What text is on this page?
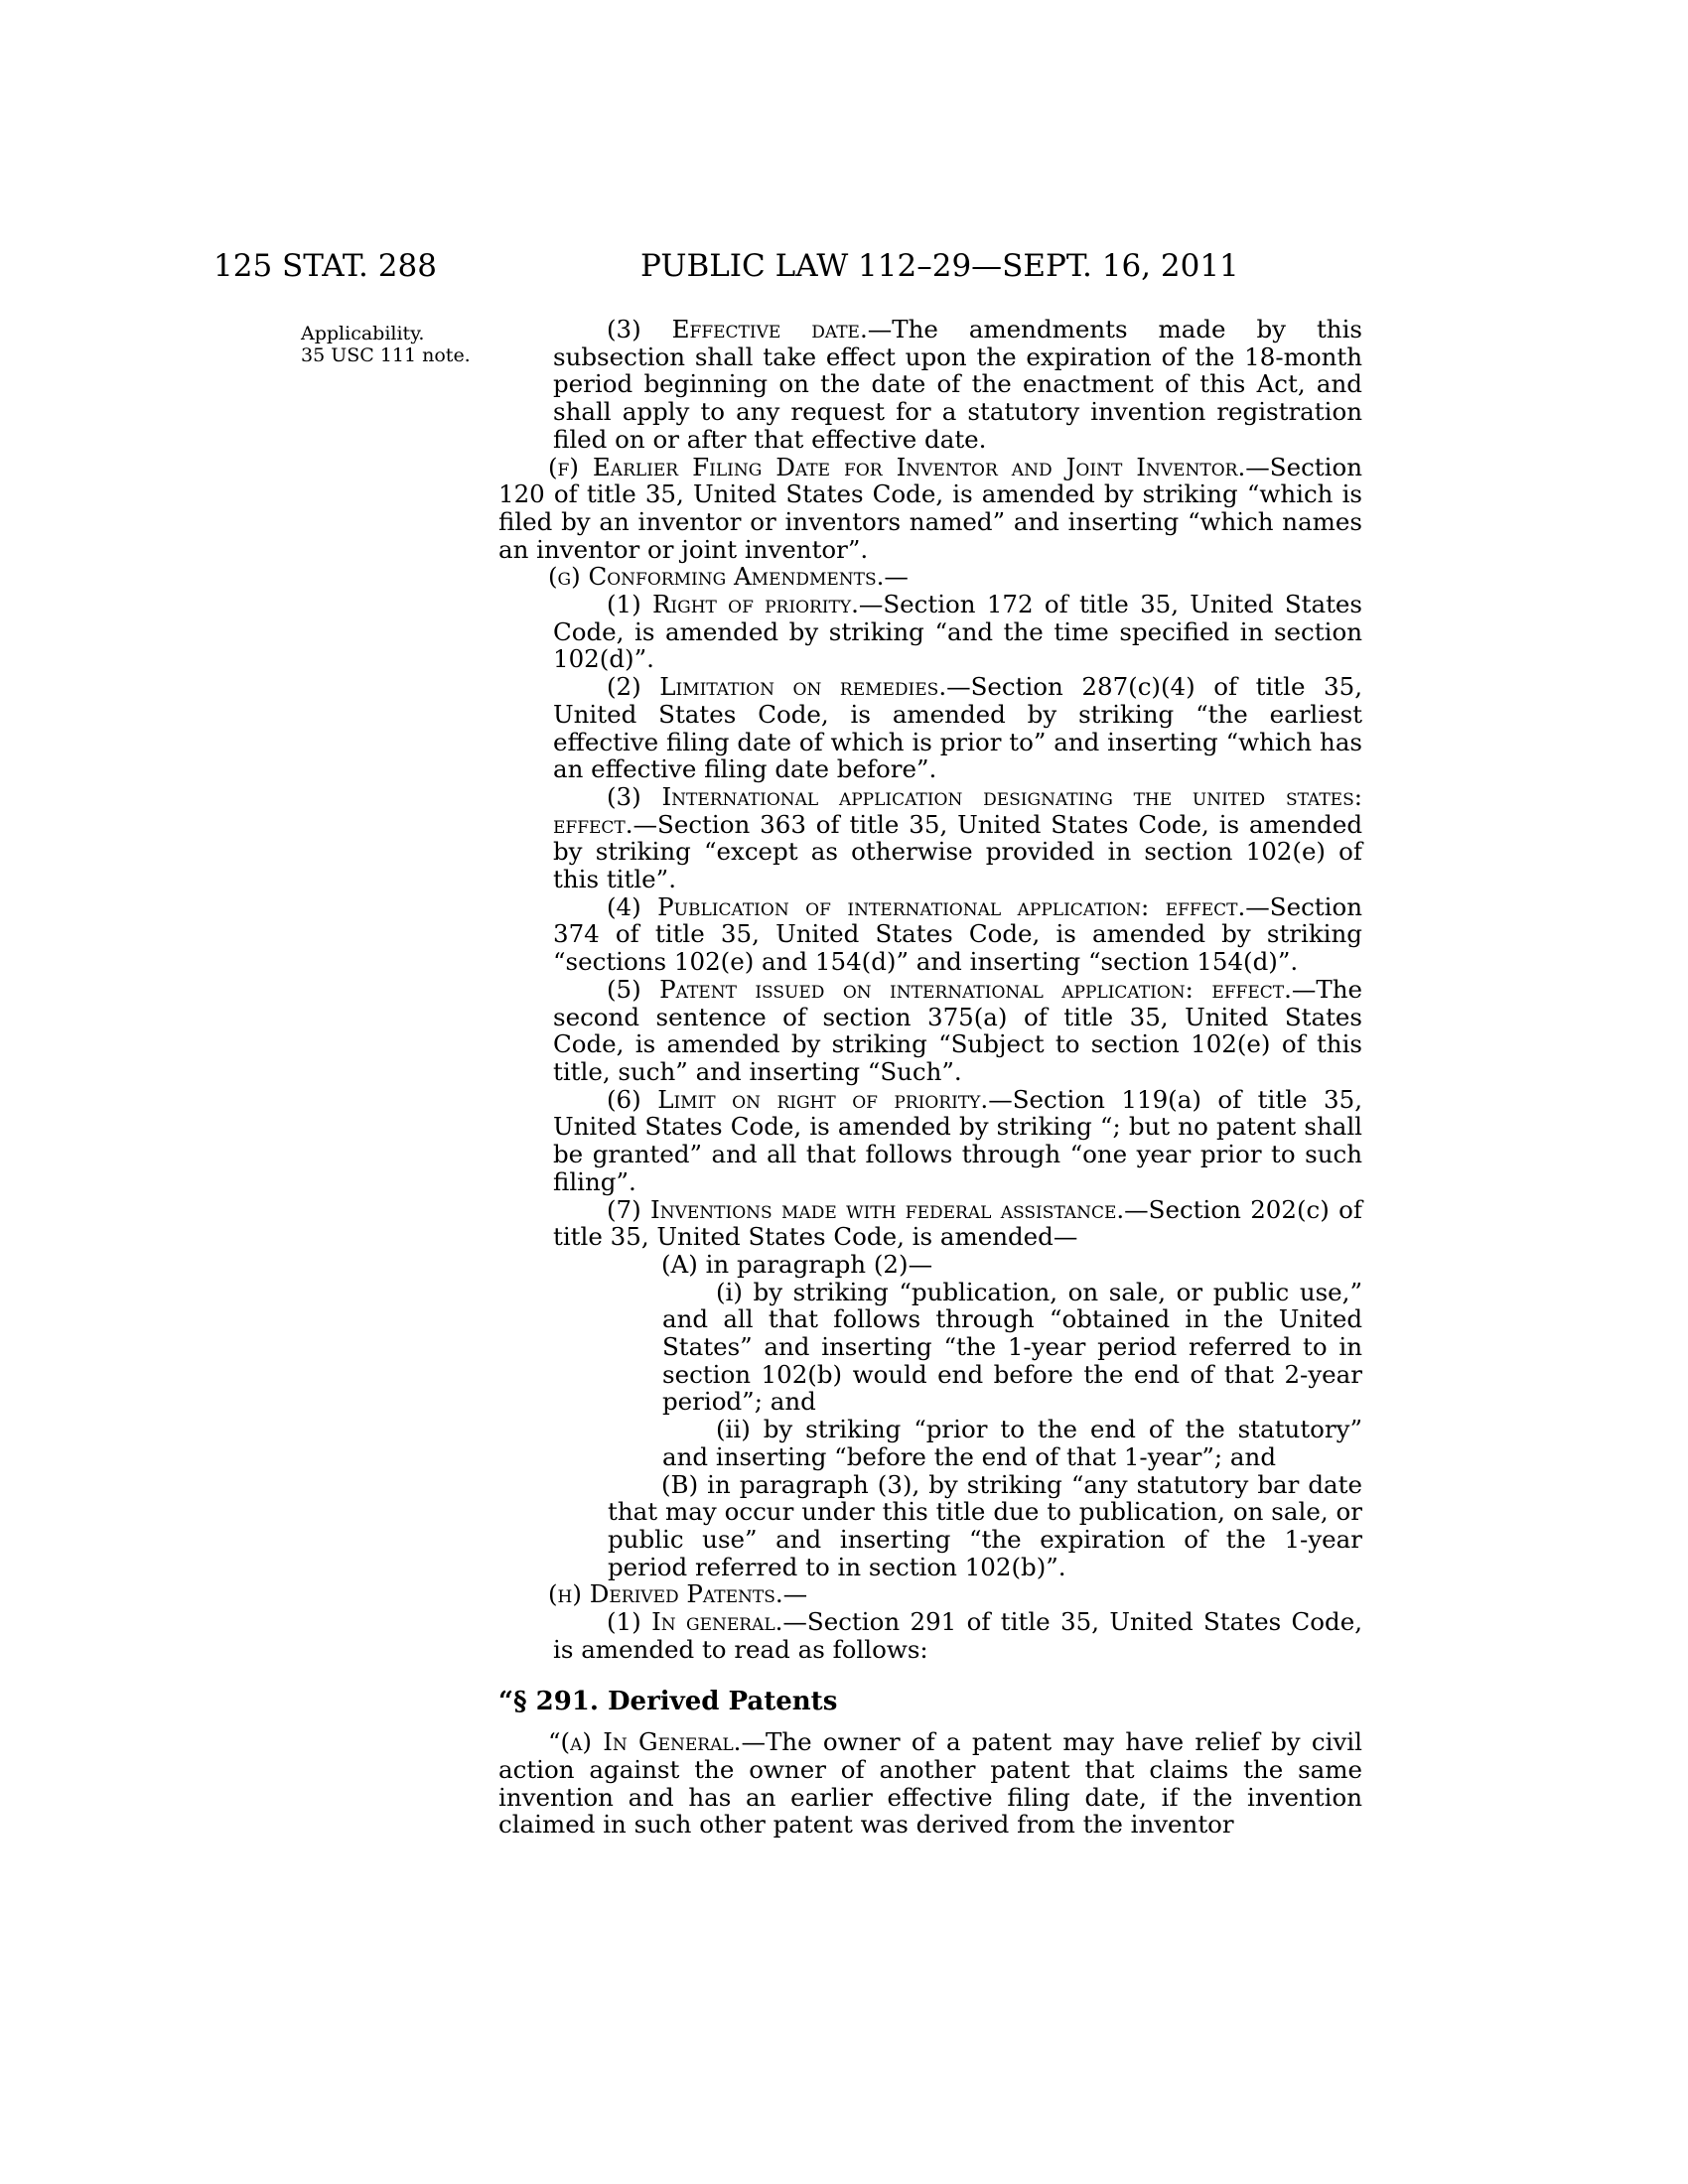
125 STAT. 288	PUBLIC LAW 112–29—SEPT. 16, 2011
Applicability.
35 USC 111 note.

(3) Effective date.—The amendments made by this subsection shall take effect upon the expiration of the 18-month period beginning on the date of the enactment of this Act, and shall apply to any request for a statutory invention registration filed on or after that effective date.

(f) Earlier Filing Date for Inventor and Joint Inventor.—Section 120 of title 35, United States Code, is amended by striking “which is filed by an inventor or inventors named” and inserting “which names an inventor or joint inventor”.

(g) Conforming Amendments.—

(1) Right of priority.—Section 172 of title 35, United States Code, is amended by striking “and the time specified in section 102(d)”.

(2) Limitation on remedies.—Section 287(c)(4) of title 35, United States Code, is amended by striking “the earliest effective filing date of which is prior to” and inserting “which has an effective filing date before”.

(3) International application designating the united states: effect.—Section 363 of title 35, United States Code, is amended by striking “except as otherwise provided in section 102(e) of this title”.

(4) Publication of international application: effect.—Section 374 of title 35, United States Code, is amended by striking “sections 102(e) and 154(d)” and inserting “section 154(d)”.

(5) Patent issued on international application: effect.—The second sentence of section 375(a) of title 35, United States Code, is amended by striking “Subject to section 102(e) of this title, such” and inserting “Such”.

(6) Limit on right of priority.—Section 119(a) of title 35, United States Code, is amended by striking “; but no patent shall be granted” and all that follows through “one year prior to such filing”.

(7) Inventions made with federal assistance.—Section 202(c) of title 35, United States Code, is amended—

(A) in paragraph (2)—

(i) by striking “publication, on sale, or public use,” and all that follows through “obtained in the United States” and inserting “the 1-year period referred to in section 102(b) would end before the end of that 2-year period”; and

(ii) by striking “prior to the end of the statutory” and inserting “before the end of that 1-year”; and

(B) in paragraph (3), by striking “any statutory bar date that may occur under this title due to publication, on sale, or public use” and inserting “the expiration of the 1-year period referred to in section 102(b)”.

(h) Derived Patents.—

(1) In general.—Section 291 of title 35, United States Code, is amended to read as follows:

“§ 291. Derived Patents

“(a) In General.—The owner of a patent may have relief by civil action against the owner of another patent that claims the same invention and has an earlier effective filing date, if the invention claimed in such other patent was derived from the inventor
